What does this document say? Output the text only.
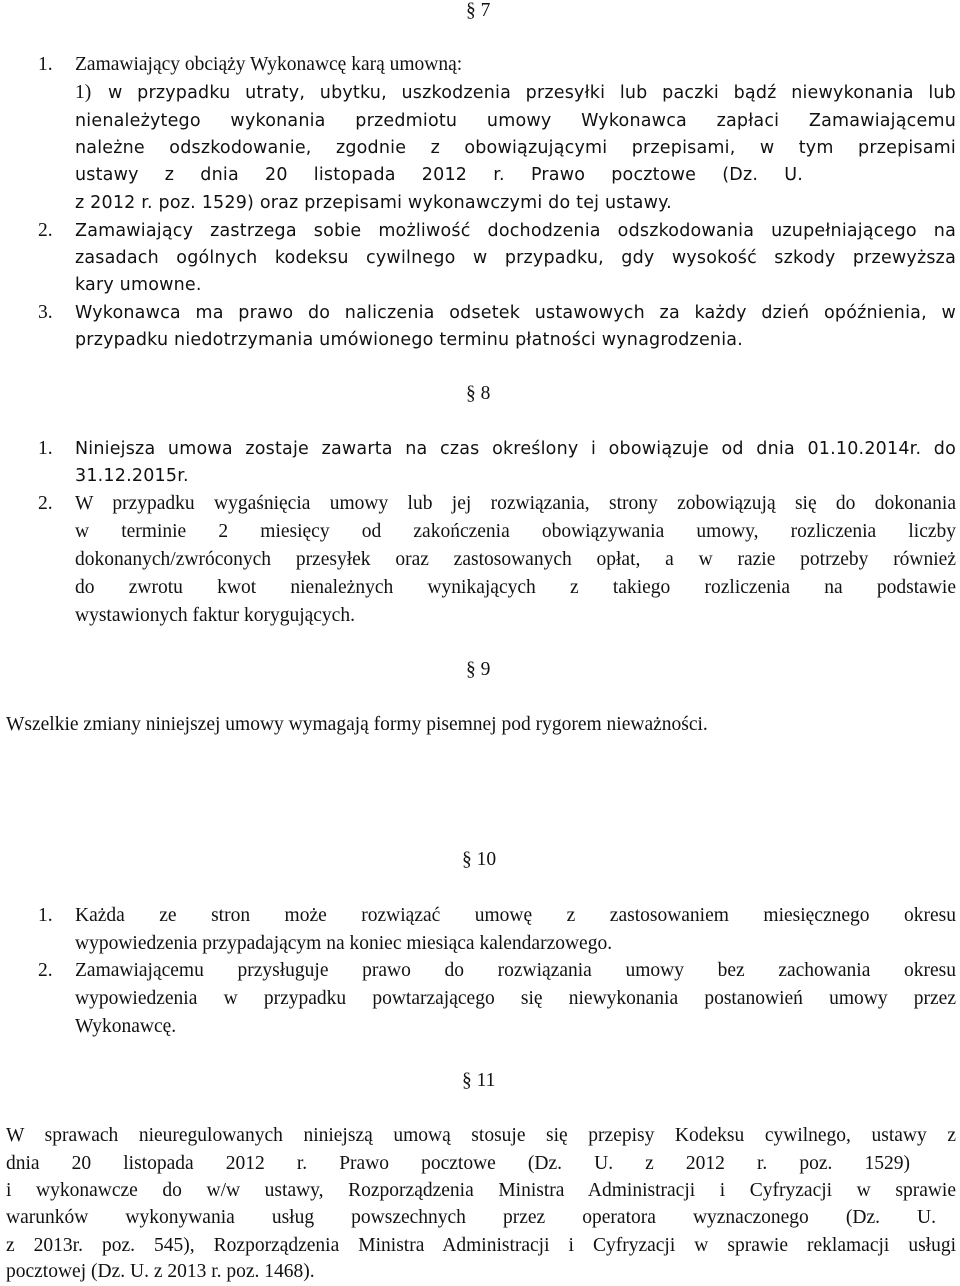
§ 7
1. Zamawiający obciąży Wykonawcę karą umowną:
1) w przypadku utraty, ubytku, uszkodzenia przesyłki lub paczki bądź niewykonania lub
nienależytego wykonania przedmiotu umowy Wykonawca zapłaci Zamawiającemu
należne odszkodowanie, zgodnie z obowiązującymi przepisami, w tym przepisami
ustawy z dnia 20 listopada 2012 r. Prawo pocztowe (Dz. U.
z 2012 r. poz. 1529) oraz przepisami wykonawczymi do tej ustawy.
2. Zamawiający zastrzega sobie możliwość dochodzenia odszkodowania uzupełniającego na
zasadach ogólnych kodeksu cywilnego w przypadku, gdy wysokość szkody przewyższa
kary umowne.
3. Wykonawca ma prawo do naliczenia odsetek ustawowych za każdy dzień opóźnienia, w
przypadku niedotrzymania umówionego terminu płatności wynagrodzenia.
§ 8
1. Niniejsza umowa zostaje zawarta na czas określony i obowiązuje od dnia 01.10.2014r. do
31.12.2015r.
2. W przypadku wygaśnięcia umowy lub jej rozwiązania, strony zobowiązują się do dokonania
w terminie 2 miesięcy od zakończenia obowiązywania umowy, rozliczenia liczby
dokonanych/zwróconych przesyłek oraz zastosowanych opłat, a w razie potrzeby również
do zwrotu kwot nienależnych wynikających z takiego rozliczenia na podstawie
wystawionych faktur korygujących.
§ 9
Wszelkie zmiany niniejszej umowy wymagają formy pisemnej pod rygorem nieważności.
§ 10
1. Każda ze stron może rozwiązać umowę z zastosowaniem miesięcznego okresu
wypowiedzenia przypadającym na koniec miesiąca kalendarzowego.
2. Zamawiającemu przysługuje prawo do rozwiązania umowy bez zachowania okresu
wypowiedzenia w przypadku powtarzającego się niewykonania postanowień umowy przez
Wykonawcę.
§ 11
W sprawach nieuregulowanych niniejszą umową stosuje się przepisy Kodeksu cywilnego, ustawy z
dnia 20 listopada 2012 r. Prawo pocztowe (Dz. U. z 2012 r. poz. 1529)
i wykonawcze do w/w ustawy, Rozporządzenia Ministra Administracji i Cyfryzacji w sprawie
warunków wykonywania usług powszechnych przez operatora wyznaczonego (Dz. U.
z 2013r. poz. 545), Rozporządzenia Ministra Administracji i Cyfryzacji w sprawie reklamacji usługi
pocztowej (Dz. U. z 2013 r. poz. 1468).
